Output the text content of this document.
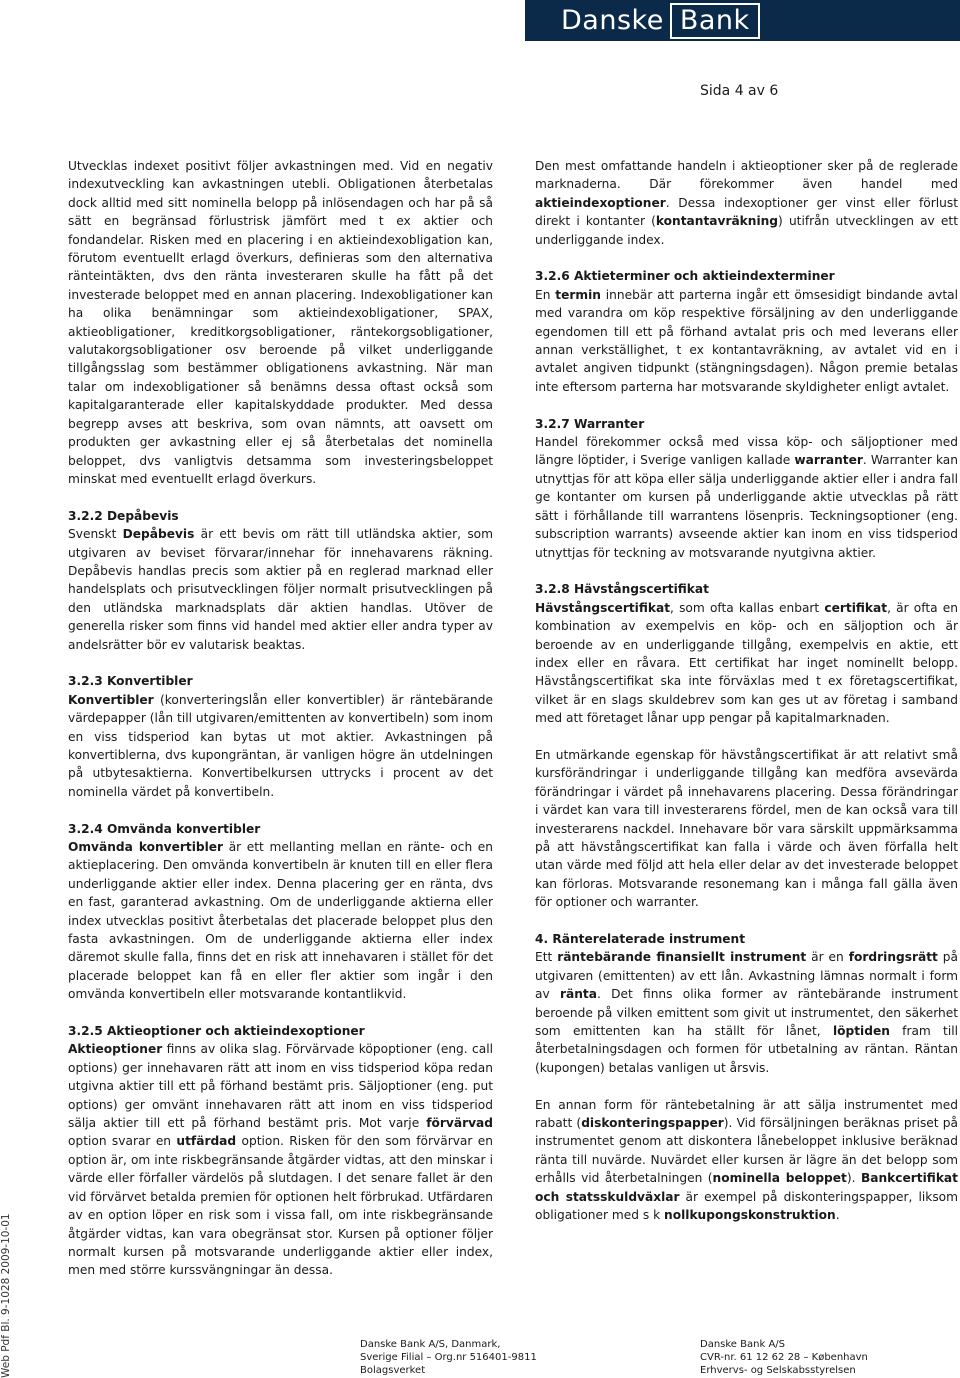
Danske Bank
Sida 4 av 6

Utvecklas indexet positivt följer avkastningen med. Vid en negativ indexutveckling kan avkastningen utebli. Obligationen återbetalas dock alltid med sitt nominella belopp på inlösendagen och har på så sätt en begränsad förlustrisk jämfört med t ex aktier och fondandelar. Risken med en placering i en aktieindexobligation kan, förutom eventuellt erlagd överkurs, definieras som den alternativa ränteintäkten, dvs den ränta investeraren skulle ha fått på det investerade beloppet med en annan placering. Indexobligationer kan ha olika benämningar som aktieindexobligationer, SPAX, aktieobligationer, kreditkorgsobligationer, räntekorgsobligationer, valutakorgsobligationer osv beroende på vilket underliggande tillgångsslag som bestämmer obligationens avkastning. När man talar om indexobligationer så benämns dessa oftast också som kapitalgaranterade eller kapitalskyddade produkter. Med dessa begrepp avses att beskriva, som ovan nämnts, att oavsett om produkten ger avkastning eller ej så återbetalas det nominella beloppet, dvs vanligtvis detsamma som investeringsbeloppet minskat med eventuellt erlagd överkurs.

3.2.2 Depåbevis

Svenskt Depåbevis är ett bevis om rätt till utländska aktier, som utgivaren av beviset förvarar/innehar för innehavarens räkning. Depåbevis handlas precis som aktier på en reglerad marknad eller handelsplats och prisutvecklingen följer normalt prisutvecklingen på den utländska marknadsplats där aktien handlas. Utöver de generella risker som finns vid handel med aktier eller andra typer av andelsrätter bör ev valutarisk beaktas.

3.2.3 Konvertibler

Konvertibler (konverteringslån eller konvertibler) är räntebärande värdepapper (lån till utgivaren/emittenten av konvertibeln) som inom en viss tidsperiod kan bytas ut mot aktier. Avkastningen på konvertiblerna, dvs kupongräntan, är vanligen högre än utdelningen på utbytesaktierna. Konvertibelkursen uttrycks i procent av det nominella värdet på konvertibeln.

3.2.4 Omvända konvertibler

Omvända konvertibler är ett mellanting mellan en ränte- och en aktieplacering. Den omvända konvertibeln är knuten till en eller flera underliggande aktier eller index. Denna placering ger en ränta, dvs en fast, garanterad avkastning. Om de underliggande aktierna eller index utvecklas positivt återbetalas det placerade beloppet plus den fasta avkastningen. Om de underliggande aktierna eller index däremot skulle falla, finns det en risk att innehavaren i stället för det placerade beloppet kan få en eller fler aktier som ingår i den omvända konvertibeln eller motsvarande kontantlikvid.

3.2.5 Aktieoptioner och aktieindexoptioner

Aktieoptioner finns av olika slag. Förvärvade köpoptioner (eng. call options) ger innehavaren rätt att inom en viss tidsperiod köpa redan utgivna aktier till ett på förhand bestämt pris. Säljoptioner (eng. put options) ger omvänt innehavaren rätt att inom en viss tidsperiod sälja aktier till ett på förhand bestämt pris. Mot varje förvärvad option svarar en utfärdad option. Risken för den som förvärvar en option är, om inte riskbegränsande åtgärder vidtas, att den minskar i värde eller förfaller värdelös på slutdagen. I det senare fallet är den vid förvärvet betalda premien för optionen helt förbrukad. Utfärdaren av en option löper en risk som i vissa fall, om inte riskbegränsande åtgärder vidtas, kan vara obegränsat stor. Kursen på optioner följer normalt kursen på motsvarande underliggande aktier eller index, men med större kurssvängningar än dessa.

Den mest omfattande handeln i aktieoptioner sker på de reglerade marknaderna. Där förekommer även handel med aktieindexoptioner. Dessa indexoptioner ger vinst eller förlust direkt i kontanter (kontantavräkning) utifrån utvecklingen av ett underliggande index.

3.2.6 Aktieterminer och aktieindexterminer

En termin innebär att parterna ingår ett ömsesidigt bindande avtal med varandra om köp respektive försäljning av den underliggande egendomen till ett på förhand avtalat pris och med leverans eller annan verkställighet, t ex kontantavräkning, av avtalet vid en i avtalet angiven tidpunkt (stängningsdagen). Någon premie betalas inte eftersom parterna har motsvarande skyldigheter enligt avtalet.

3.2.7 Warranter

Handel förekommer också med vissa köp- och säljoptioner med längre löptider, i Sverige vanligen kallade warranter. Warranter kan utnyttjas för att köpa eller sälja underliggande aktier eller i andra fall ge kontanter om kursen på underliggande aktie utvecklas på rätt sätt i förhållande till warrantens lösenpris. Teckningsoptioner (eng. subscription warrants) avseende aktier kan inom en viss tidsperiod utnyttjas för teckning av motsvarande nyutgivna aktier.

3.2.8 Hävstångscertifikat

Hävstångscertifikat, som ofta kallas enbart certifikat, är ofta en kombination av exempelvis en köp- och en säljoption och är beroende av en underliggande tillgång, exempelvis en aktie, ett index eller en råvara. Ett certifikat har inget nominellt belopp. Hävstångscertifikat ska inte förväxlas med t ex företagscertifikat, vilket är en slags skuldebrev som kan ges ut av företag i samband med att företaget lånar upp pengar på kapitalmarknaden.

En utmärkande egenskap för hävstångscertifikat är att relativt små kursförändringar i underliggande tillgång kan medföra avsevärda förändringar i värdet på innehavarens placering. Dessa förändringar i värdet kan vara till investerarens fördel, men de kan också vara till investerarens nackdel. Innehavare bör vara särskilt uppmärksamma på att hävstångscertifikat kan falla i värde och även förfalla helt utan värde med följd att hela eller delar av det investerade beloppet kan förloras. Motsvarande resonemang kan i många fall gälla även för optioner och warranter.

4. Ränterelaterade instrument

Ett räntebärande finansiellt instrument är en fordringsrätt på utgivaren (emittenten) av ett lån. Avkastning lämnas normalt i form av ränta. Det finns olika former av räntebärande instrument beroende på vilken emittent som givit ut instrumentet, den säkerhet som emittenten kan ha ställt för lånet, löptiden fram till återbetalningsdagen och formen för utbetalning av räntan. Räntan (kupongen) betalas vanligen ut årsvis.

En annan form för räntebetalning är att sälja instrumentet med rabatt (diskonteringspapper). Vid försäljningen beräknas priset på instrumentet genom att diskontera lånebeloppet inklusive beräknad ränta till nuvärde. Nuvärdet eller kursen är lägre än det belopp som erhålls vid återbetalningen (nominella beloppet). Bankcertifikat och statsskuldväxlar är exempel på diskonteringspapper, liksom obligationer med s k nollkupongskonstruktion.

Web Pdf Bl. 9-1028 2009-10-01	Danske Bank A/S, Danmark,
Sverige Filial – Org.nr 516401-9811
Bolagsverket
Danske Bank A/S
CVR-nr. 61 12 62 28 – København
Erhvervs- og Selskabsstyrelsen
